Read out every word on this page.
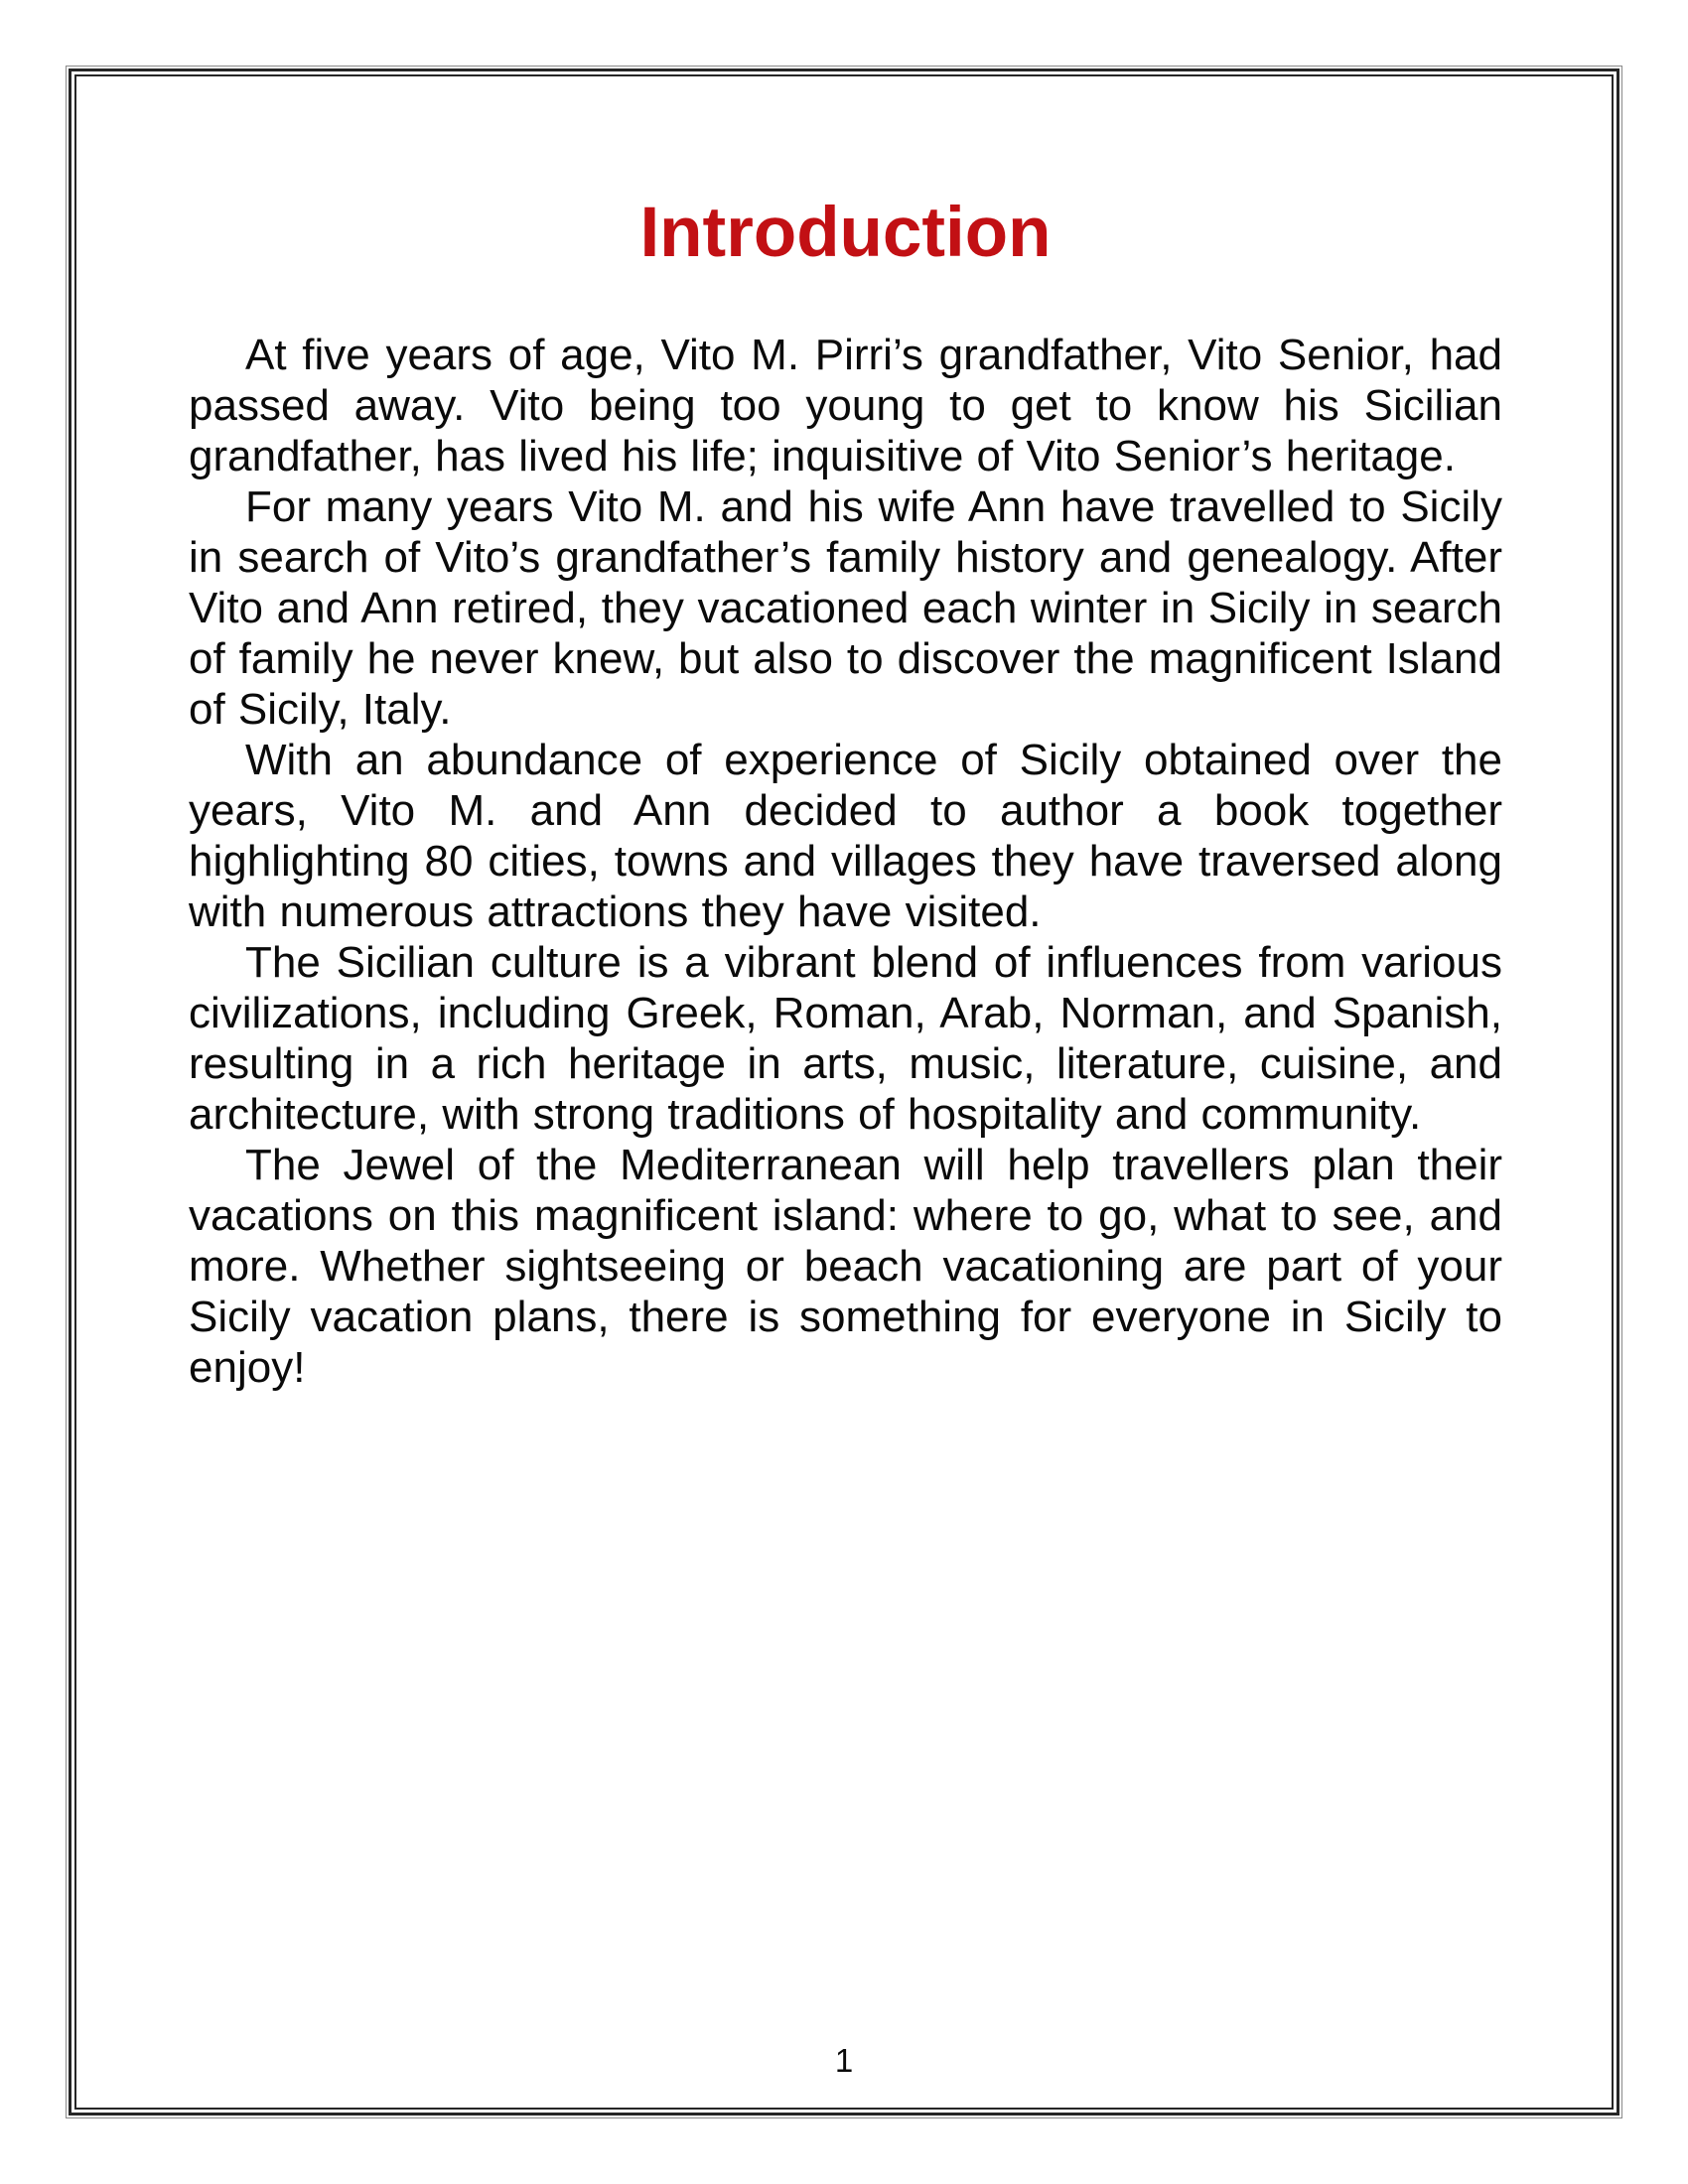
Introduction

At five years of age, Vito M. Pirri’s grandfather, Vito Senior, had passed away. Vito being too young to get to know his Sicilian grandfather, has lived his life; inquisitive of Vito Senior’s heritage.

For many years Vito M. and his wife Ann have travelled to Sicily in search of Vito’s grandfather’s family history and genealogy. After Vito and Ann retired, they vacationed each winter in Sicily in search of family he never knew, but also to discover the magnificent Island of Sicily, Italy.

With an abundance of experience of Sicily obtained over the years, Vito M. and Ann decided to author a book together highlighting 80 cities, towns and villages they have traversed along with numerous attractions they have visited.

The Sicilian culture is a vibrant blend of influences from various civilizations, including Greek, Roman, Arab, Norman, and Spanish, resulting in a rich heritage in arts, music, literature, cuisine, and architecture, with strong traditions of hospitality and community.

The Jewel of the Mediterranean will help travellers plan their vacations on this magnificent island: where to go, what to see, and more. Whether sightseeing or beach vacationing are part of your Sicily vacation plans, there is something for everyone in Sicily to enjoy!

1
